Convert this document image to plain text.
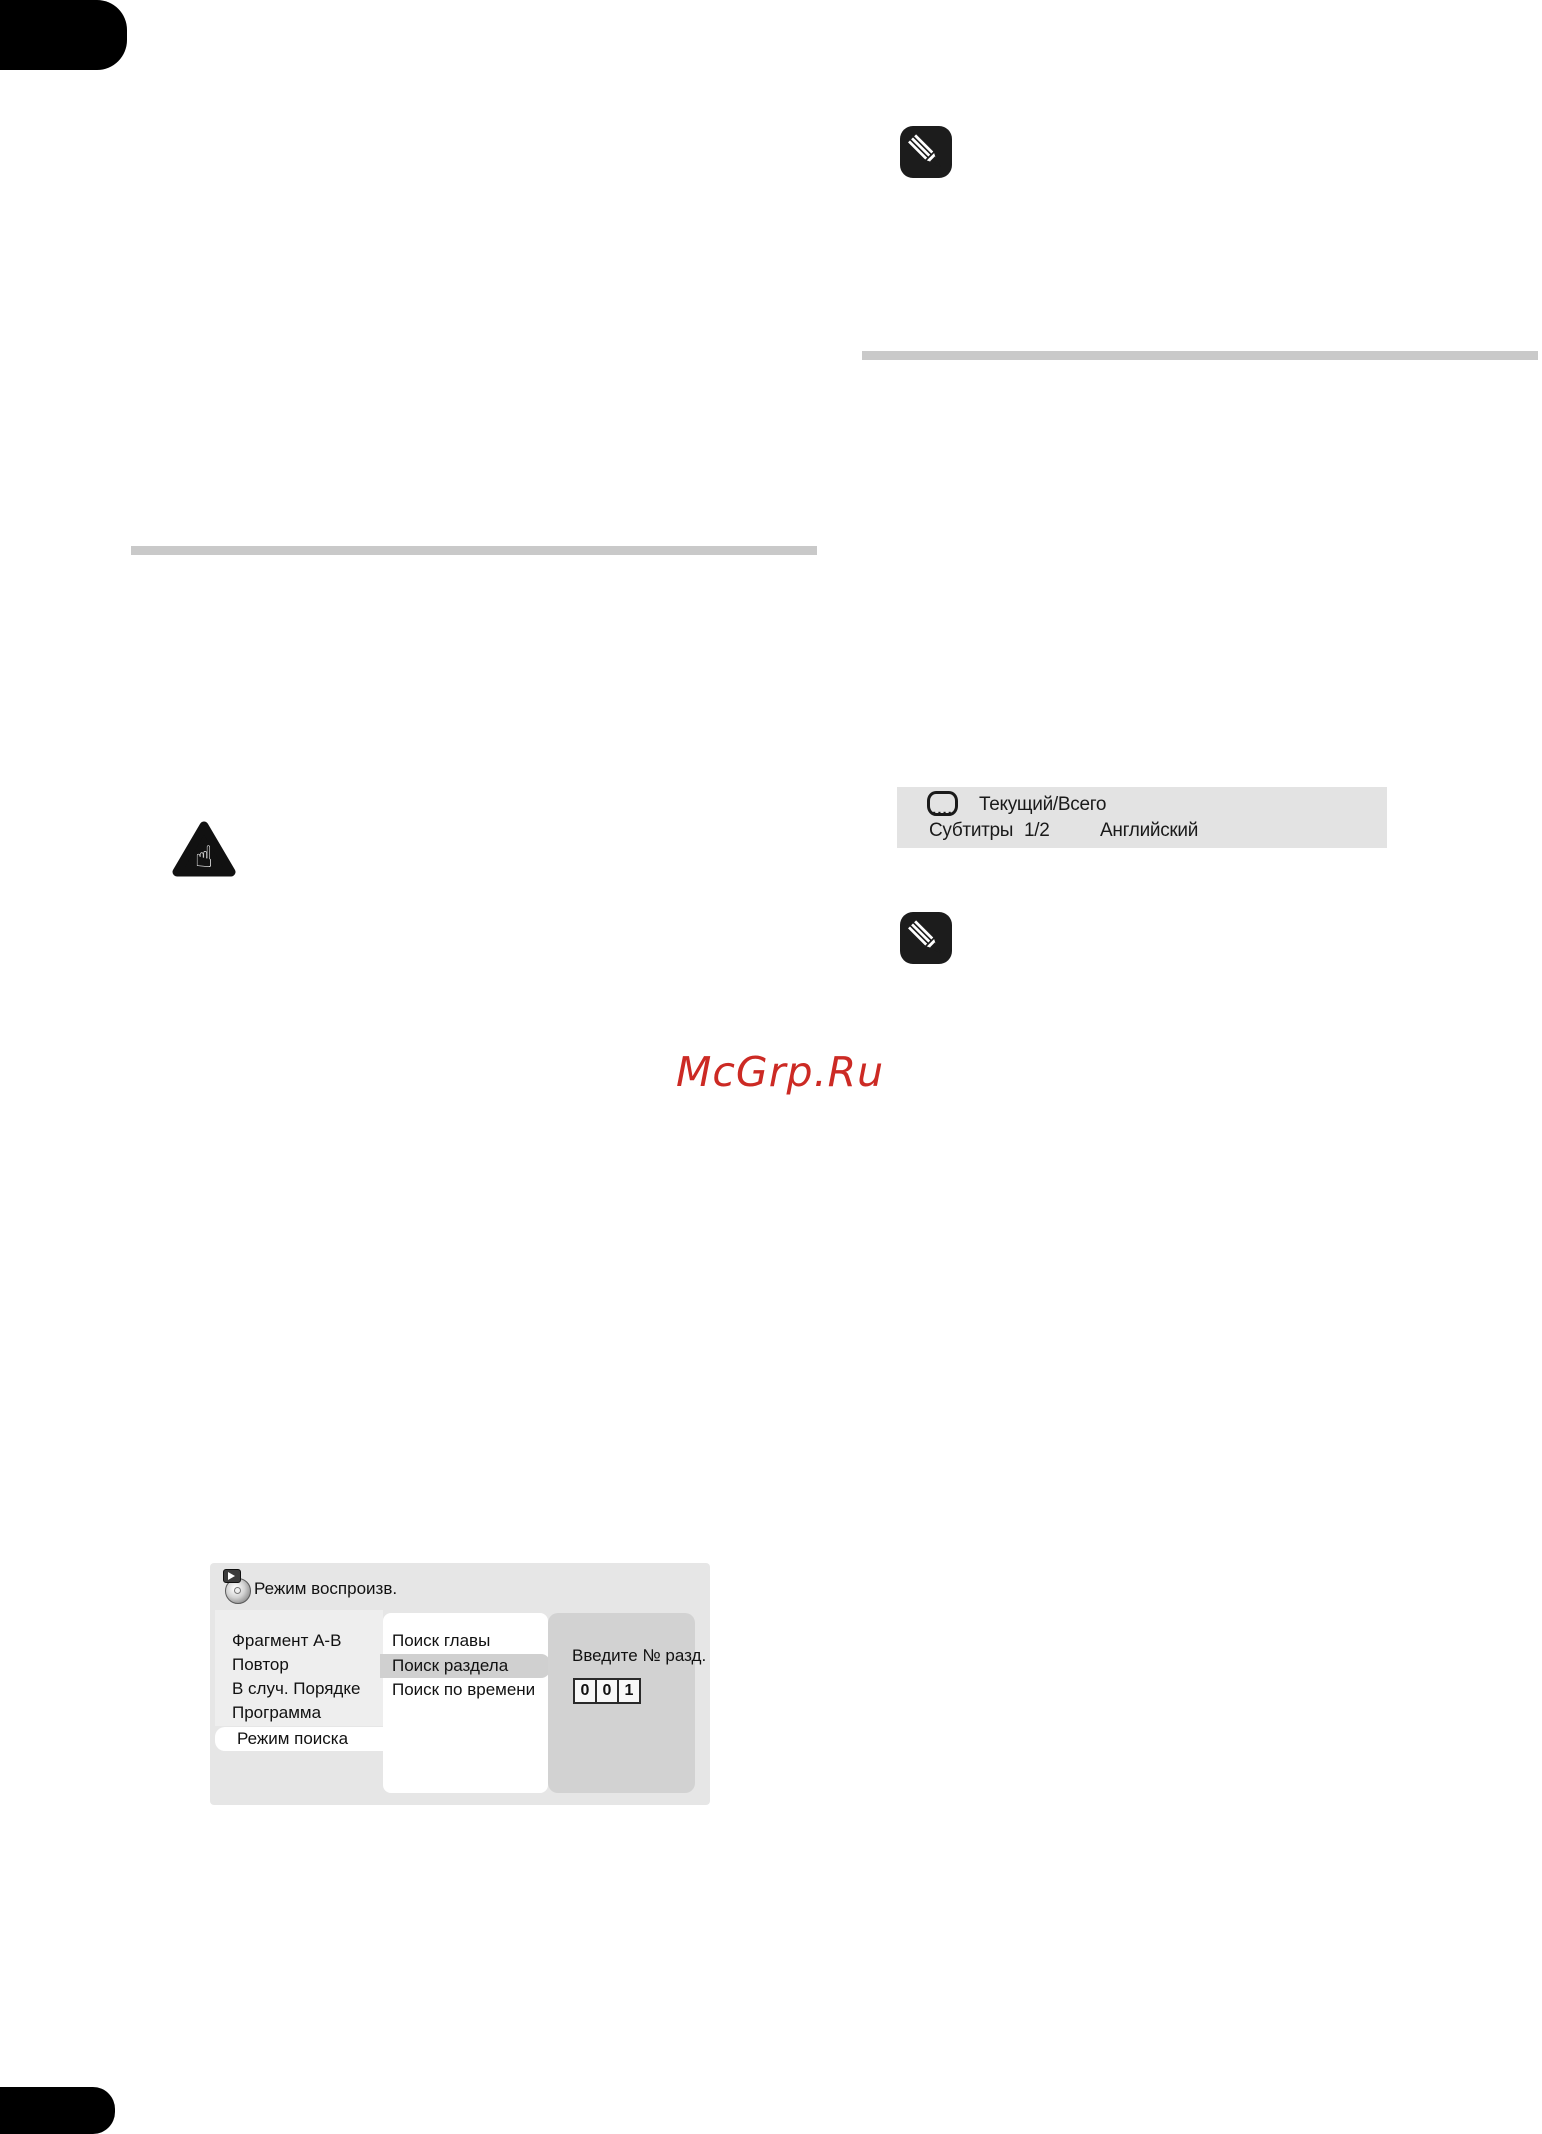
☝
.... Текущий/Всего
Субтитры 1/2	Английский
McGrp.Ru
Режим воспроизв.
Фрагмент A-B
Повтор
В случ. Порядке
Программа
Режим поиска
Поиск главы
Поиск раздела
Поиск по времени
Введите № разд.
0 0 1
